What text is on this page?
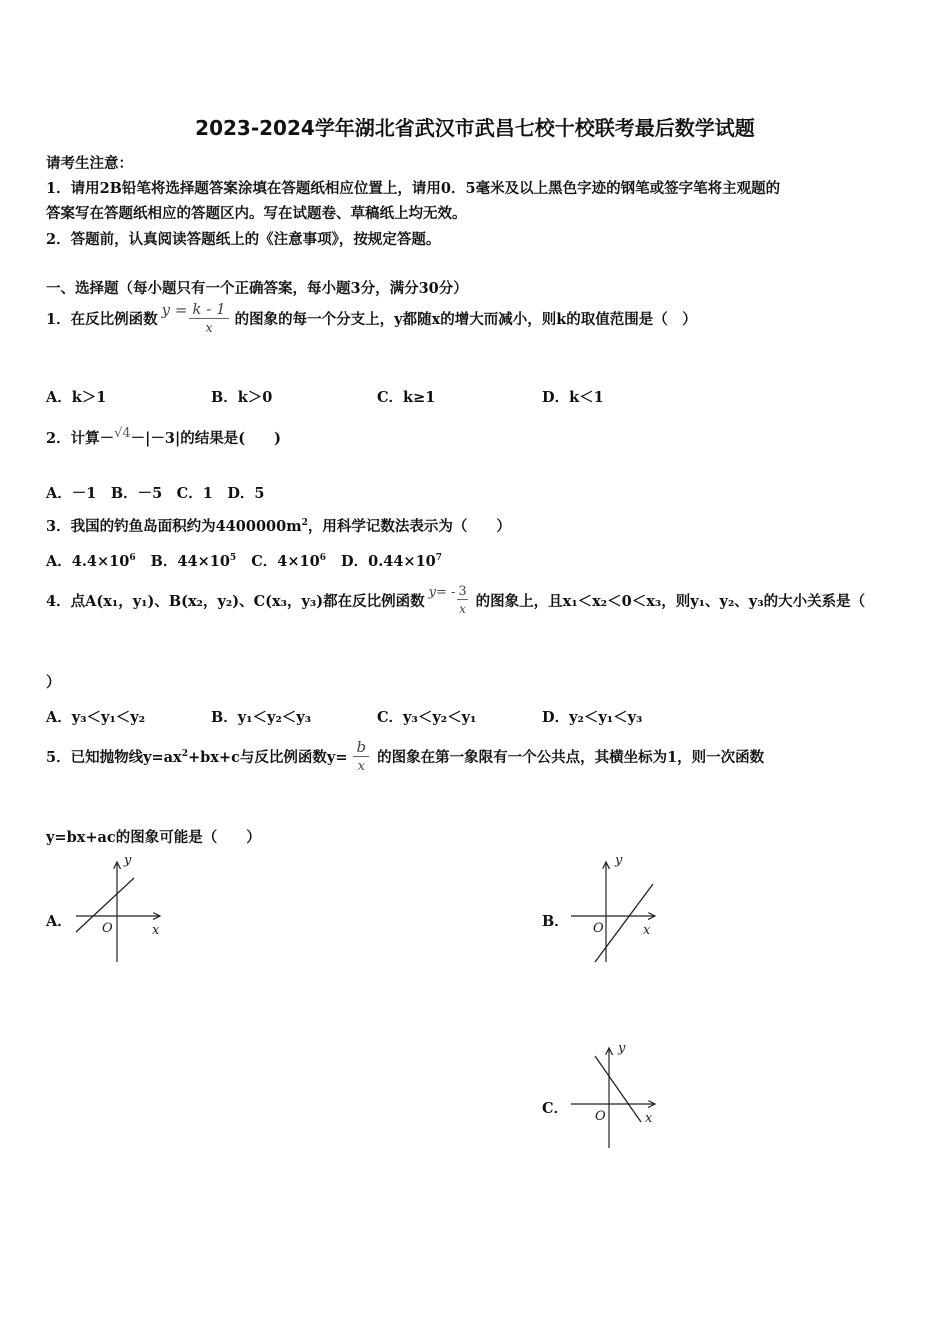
2023-2024学年湖北省武汉市武昌七校十校联考最后数学试题
请考生注意：
1．请用2B铅笔将选择题答案涂填在答题纸相应位置上，请用0．5毫米及以上黑色字迹的钢笔或签字笔将主观题的
答案写在答题纸相应的答题区内。写在试题卷、草稿纸上均无效。
2．答题前，认真阅读答题纸上的《注意事项》，按规定答题。
一、选择题（每小题只有一个正确答案，每小题3分，满分30分）
1．在反比例函数 $y = \frac{k - 1}{x}$ 的图象的每一个分支上，y都随x的增大而减小，则k的取值范围是（　）
A．k＞1	B．k＞0	C．k≥1	D．k＜1
2．计算－√4－|－3|的结果是(　　)
A．－1　B．－5　C．1　D．5
3．我国的钓鱼岛面积约为$4400000m^2$，用科学记数法表示为（　　）
A．$4.4\times 10^6$ B．$44\times 10^5$ C．$4\times 10^6$ D．$0.44\times 10^7$
4．点A(x₁，y₁)、B(x₂，y₂)、C(x₃，y₃)都在反比例函数
$y= - \frac{3}{x}$ 的图象上，且x₁＜x₂＜0＜x₃，则y₁、y₂、y₃的大小关系是（
）
A．y₃＜y₁＜y₂	B．y₁＜y₂＜y₃	C．y₃＜y₂＜y₁	D．y₂＜y₁＜y₃
5．已知抛物线$y=ax^2+bx+c$与反比例函数$y= \frac{b}{x}$ 的图象在第一象限有一个公共点，其横坐标为1，则一次函数
y=bx+ac的图象可能是（　　）
A．
y
x
O	B．
y
x
O
C．
y
x
O
